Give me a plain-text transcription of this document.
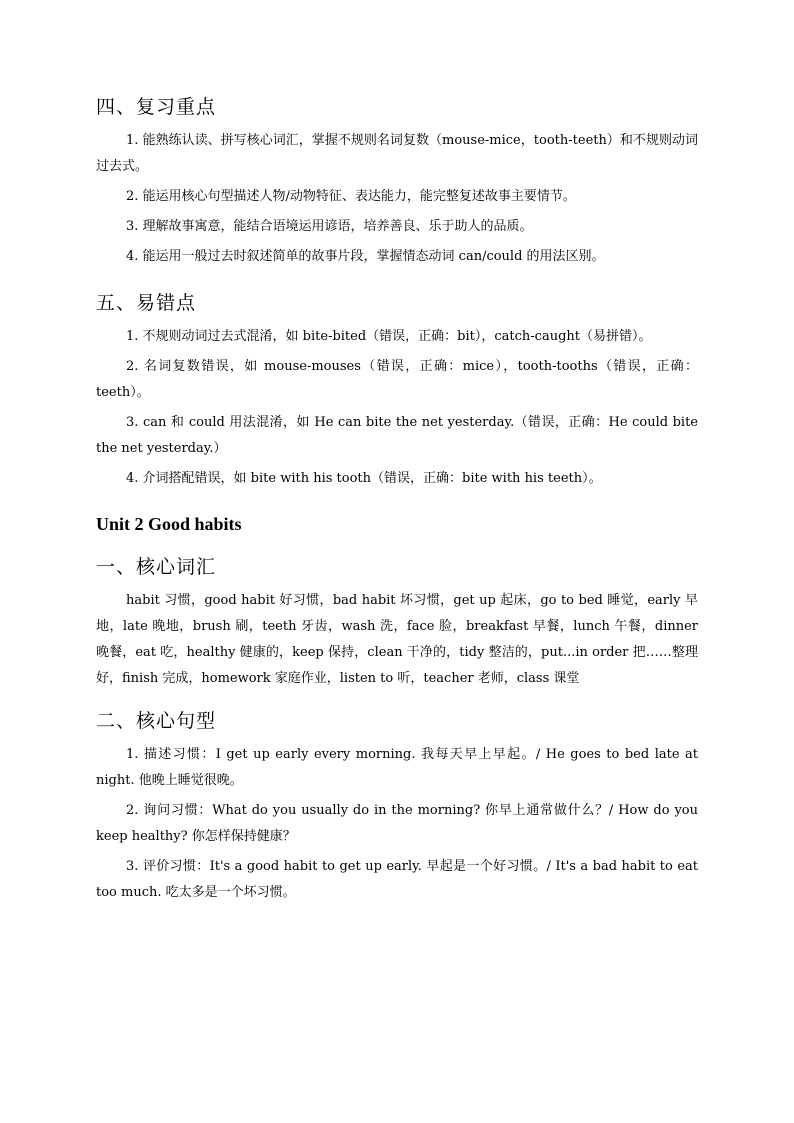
四、复习重点

1. 能熟练认读、拼写核心词汇，掌握不规则名词复数（mouse-mice，tooth-teeth）和不规则动词过去式。

2. 能运用核心句型描述人物/动物特征、表达能力，能完整复述故事主要情节。

3. 理解故事寓意，能结合语境运用谚语，培养善良、乐于助人的品质。

4. 能运用一般过去时叙述简单的故事片段，掌握情态动词 can/could 的用法区别。

五、易错点

1. 不规则动词过去式混淆，如 bite-bited（错误，正确：bit），catch-caught（易拼错）。

2. 名词复数错误，如 mouse-mouses（错误，正确：mice），tooth-tooths（错误，正确：teeth）。

3. can 和 could 用法混淆，如 He can bite the net yesterday.（错误，正确：He could bite the net yesterday.）

4. 介词搭配错误，如 bite with his tooth（错误，正确：bite with his teeth）。

Unit 2 Good habits
一、核心词汇

habit 习惯，good habit 好习惯，bad habit 坏习惯，get up 起床，go to bed 睡觉，early 早地，late 晚地，brush 刷，teeth 牙齿，wash 洗，face 脸，breakfast 早餐，lunch 午餐，dinner 晚餐，eat 吃，healthy 健康的，keep 保持，clean 干净的，tidy 整洁的，put...in order 把……整理好，finish 完成，homework 家庭作业，listen to 听，teacher 老师，class 课堂

二、核心句型

1. 描述习惯：I get up early every morning. 我每天早上早起。/ He goes to bed late at night. 他晚上睡觉很晚。

2. 询问习惯：What do you usually do in the morning? 你早上通常做什么？/ How do you keep healthy? 你怎样保持健康？

3. 评价习惯：It's a good habit to get up early. 早起是一个好习惯。/ It's a bad habit to eat too much. 吃太多是一个坏习惯。
